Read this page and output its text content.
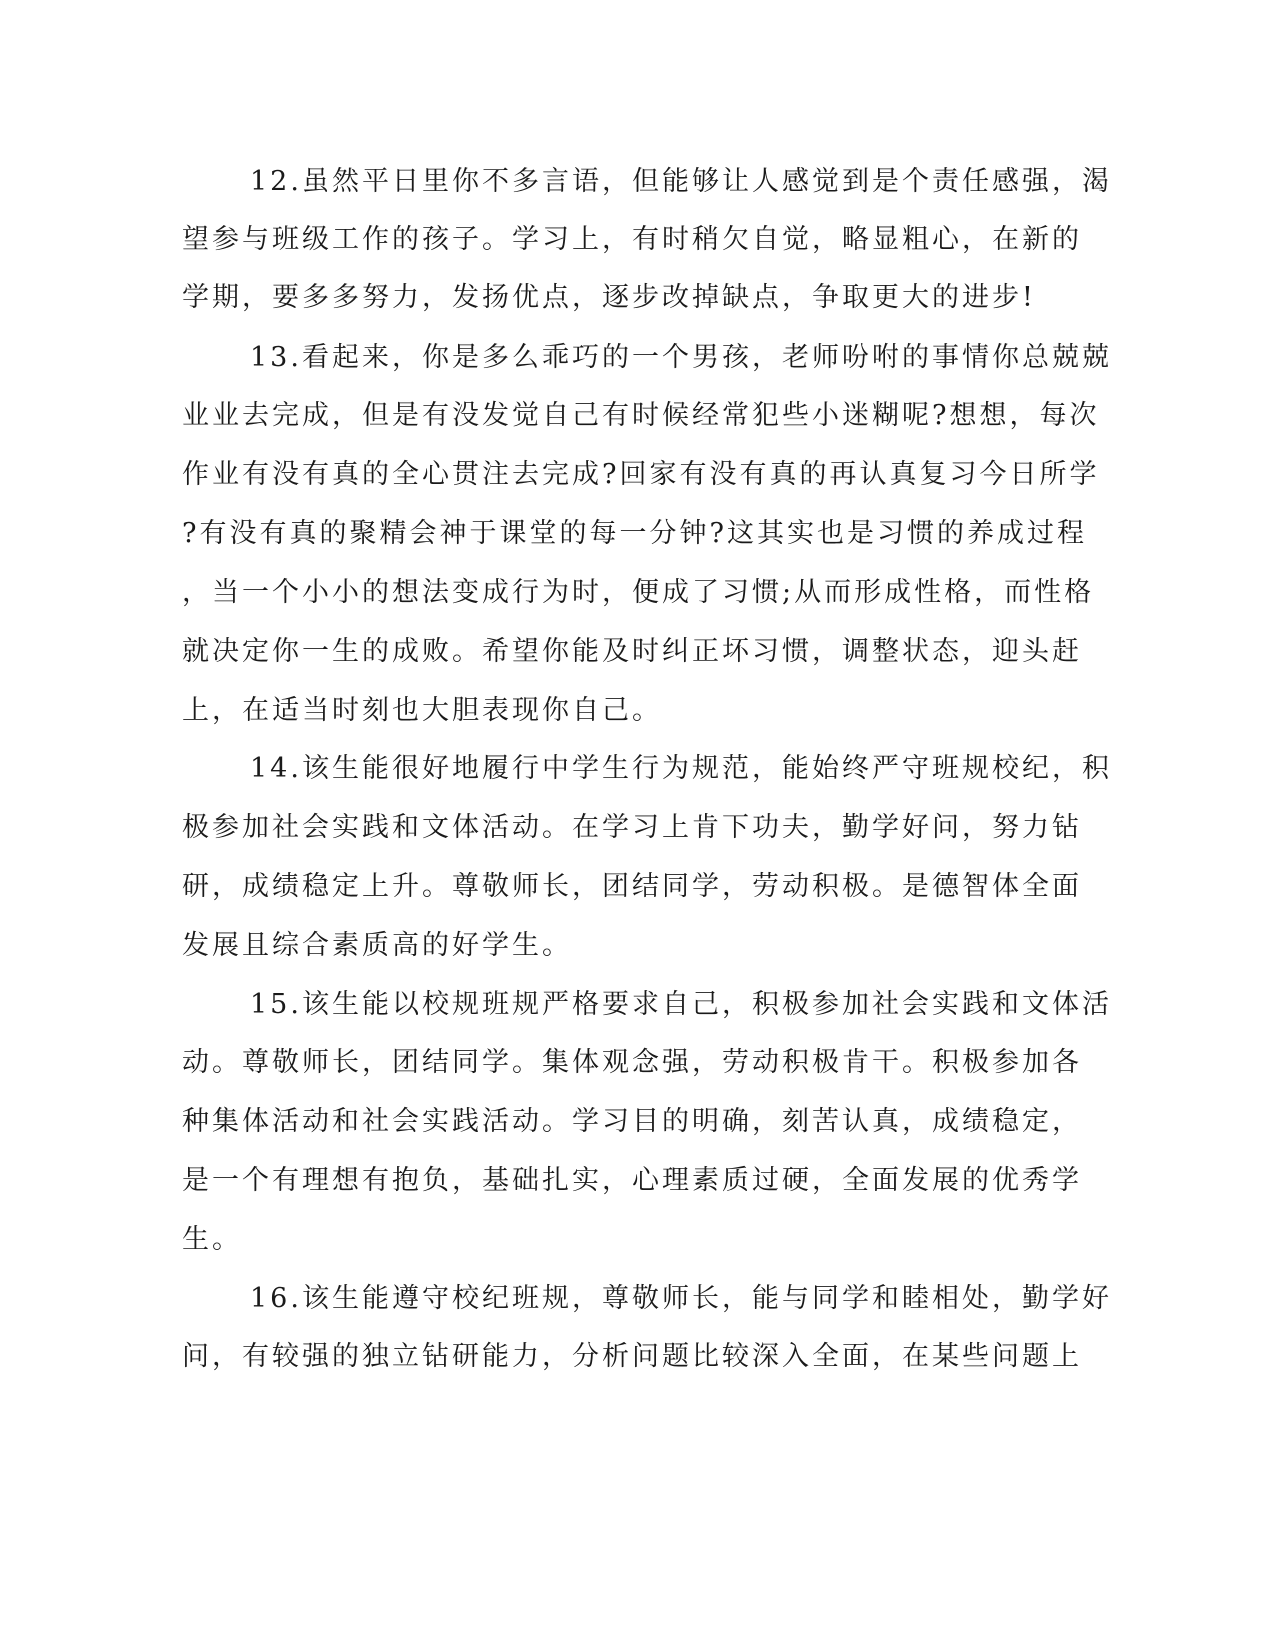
12.虽然平日里你不多言语，但能够让人感觉到是个责任感强，渴
望参与班级工作的孩子。学习上，有时稍欠自觉，略显粗心，在新的
学期，要多多努力，发扬优点，逐步改掉缺点，争取更大的进步!
13.看起来，你是多么乖巧的一个男孩，老师吩咐的事情你总兢兢
业业去完成，但是有没发觉自己有时候经常犯些小迷糊呢?想想，每次
作业有没有真的全心贯注去完成?回家有没有真的再认真复习今日所学
?有没有真的聚精会神于课堂的每一分钟?这其实也是习惯的养成过程
，当一个小小的想法变成行为时，便成了习惯;从而形成性格，而性格
就决定你一生的成败。希望你能及时纠正坏习惯，调整状态，迎头赶
上，在适当时刻也大胆表现你自己。
14.该生能很好地履行中学生行为规范，能始终严守班规校纪，积
极参加社会实践和文体活动。在学习上肯下功夫，勤学好问，努力钻
研，成绩稳定上升。尊敬师长，团结同学，劳动积极。是德智体全面
发展且综合素质高的好学生。
15.该生能以校规班规严格要求自己，积极参加社会实践和文体活
动。尊敬师长，团结同学。集体观念强，劳动积极肯干。积极参加各
种集体活动和社会实践活动。学习目的明确，刻苦认真，成绩稳定，
是一个有理想有抱负，基础扎实，心理素质过硬，全面发展的优秀学
生。
16.该生能遵守校纪班规，尊敬师长，能与同学和睦相处，勤学好
问，有较强的独立钻研能力，分析问题比较深入全面，在某些问题上
